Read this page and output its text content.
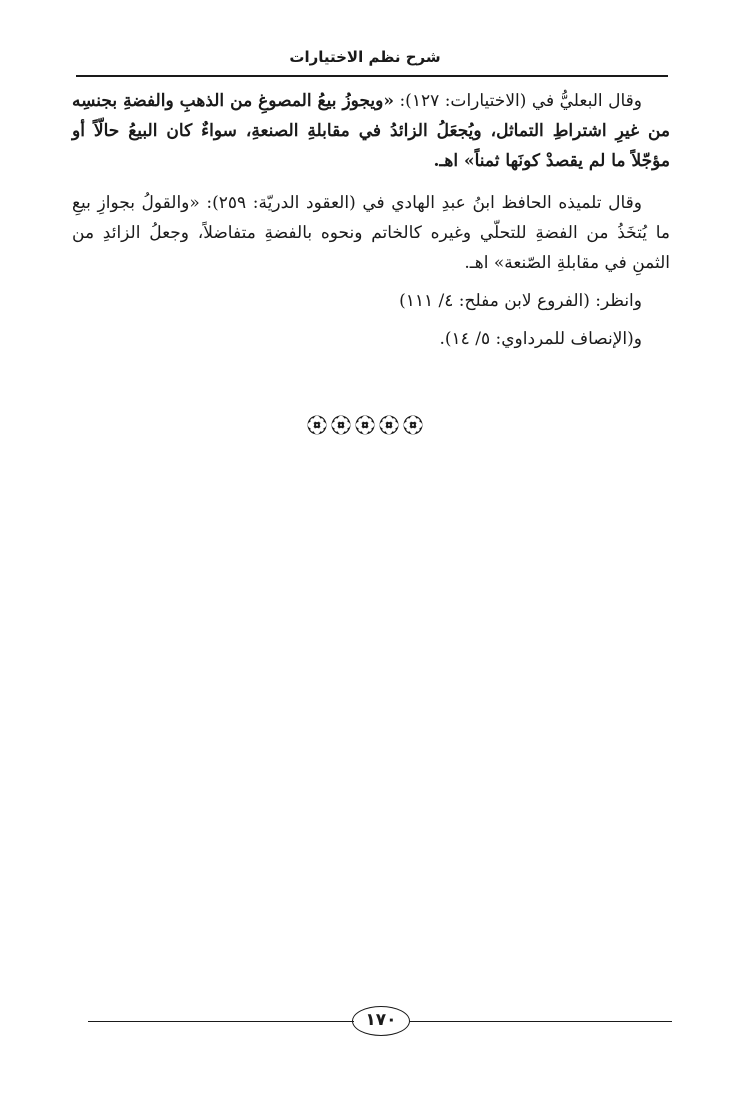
شرح نظم الاختيارات

وقال البعليُّ في (الاختيارات: ١٢٧): «ويجوزُ بيعُ المصوغِ من الذهبِ والفضةِ بجنسِه من غيرِ اشتراطِ التماثل، ويُجعَلُ الزائدُ في مقابلةِ الصنعةِ، سواءٌ كان البيعُ حالّاً أو مؤجّلاً ما لم يقصدْ كونَها ثمناً» اهـ.

وقال تلميذه الحافظ ابنُ عبدِ الهادي في (العقود الدريّة: ٢٥٩): «والقولُ بجوازِ بيعِ ما يُتخَذُ من الفضةِ للتحلّي وغيره كالخاتم ونحوه بالفضةِ متفاضلاً، وجعلُ الزائدِ من الثمنِ في مقابلةِ الصّنعة» اهـ.

وانظر: (الفروع لابن مفلح: ٤/ ١١١)

و(الإنصاف للمرداوي: ٥/ ١٤).

١٧٠
